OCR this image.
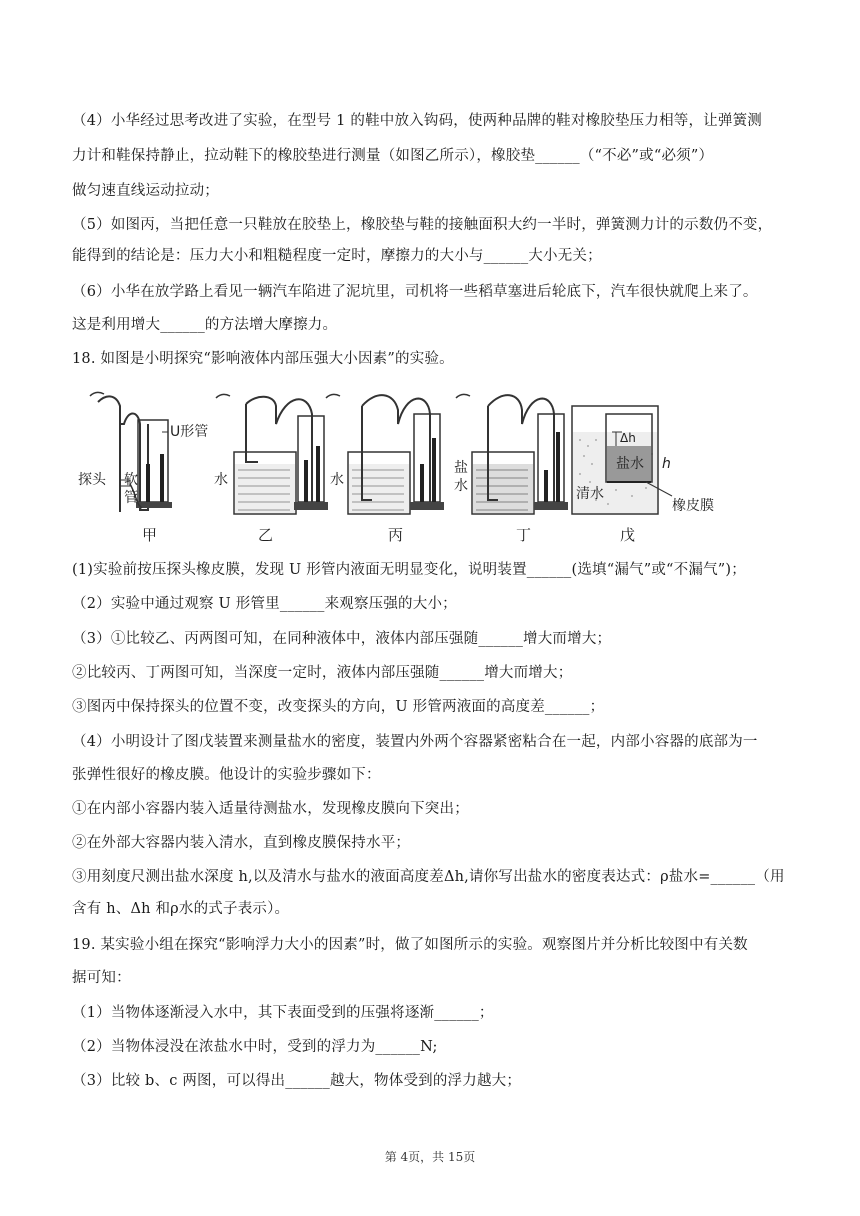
（4）小华经过思考改进了实验，在型号 1 的鞋中放入钩码，使两种品牌的鞋对橡胶垫压力相等，让弹簧测
力计和鞋保持静止，拉动鞋下的橡胶垫进行测量（如图乙所示），橡胶垫______（“不必”或“必须”）
做匀速直线运动拉动；
（5）如图丙，当把任意一只鞋放在胶垫上，橡胶垫与鞋的接触面积大约一半时，弹簧测力计的示数仍不变，
能得到的结论是：压力大小和粗糙程度一定时，摩擦力的大小与______大小无关；
（6）小华在放学路上看见一辆汽车陷进了泥坑里，司机将一些稻草塞进后轮底下，汽车很快就爬上来了。
这是利用增大______的方法增大摩擦力。
18. 如图是小明探究“影响液体内部压强大小因素”的实验。
U形管
探头 软
管
甲
水
乙
水
丙
盐
水
丁
Δh
h
盐水
清水
橡皮膜
戊
(1)实验前按压探头橡皮膜，发现 U 形管内液面无明显变化，说明装置______(选填“漏气”或“不漏气”)；
（2）实验中通过观察 U 形管里______来观察压强的大小；
（3）①比较乙、丙两图可知，在同种液体中，液体内部压强随______增大而增大；
②比较丙、丁两图可知，当深度一定时，液体内部压强随______增大而增大；
③图丙中保持探头的位置不变，改变探头的方向，U 形管两液面的高度差______；
（4）小明设计了图戊装置来测量盐水的密度，装置内外两个容器紧密粘合在一起，内部小容器的底部为一
张弹性很好的橡皮膜。他设计的实验步骤如下：
①在内部小容器内装入适量待测盐水，发现橡皮膜向下突出；
②在外部大容器内装入清水，直到橡皮膜保持水平；
③用刻度尺测出盐水深度 h,以及清水与盐水的液面高度差Δh,请你写出盐水的密度表达式：ρ盐水=______（用
含有 h、Δh 和ρ水的式子表示）。
19. 某实验小组在探究“影响浮力大小的因素”时，做了如图所示的实验。观察图片并分析比较图中有关数
据可知：
（1）当物体逐渐浸入水中，其下表面受到的压强将逐渐______；
（2）当物体浸没在浓盐水中时，受到的浮力为______N;
（3）比较 b、c 两图，可以得出______越大，物体受到的浮力越大；
第 4页，共 15页
